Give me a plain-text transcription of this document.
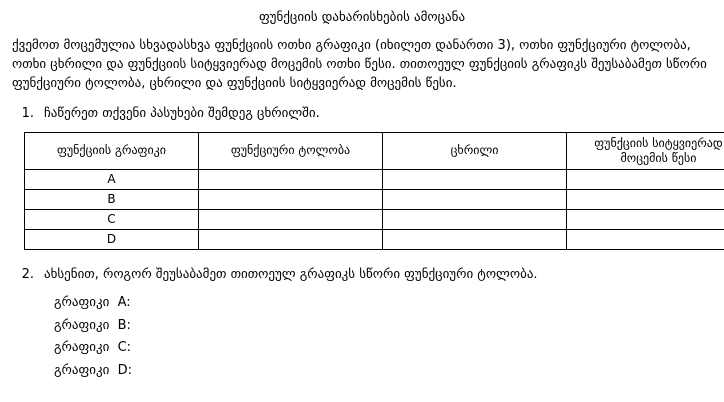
ფუნქციის დახარისხების ამოცანა
ქვემოთ მოცემულია სხვადასხვა ფუნქციის ოთხი გრაფიკი (იხილეთ დანართი 3), ოთხი ფუნქციური ტოლობა, ოთხი ცხრილი და ფუნქციის სიტყვიერად მოცემის ოთხი წესი. თითოეულ ფუნქციის გრაფიკს შეუსაბამეთ სწორი ფუნქციური ტოლობა, ცხრილი და ფუნქციის სიტყვიერად მოცემის წესი.
1. ჩაწერეთ თქვენი პასუხები შემდეგ ცხრილში.
ფუნქციის გრაფიკი	ფუნქციური ტოლობა	ცხრილი	ფუნქციის სიტყვიერად მოცემის წესი
A			
B			
C			
D			
2. ახსენით, როგორ შეუსაბამეთ თითოეულ გრაფიკს სწორი ფუნქციური ტოლობა.
გრაფიკი  A:
გრაფიკი  B:
გრაფიკი  C:
გრაფიკი  D:
